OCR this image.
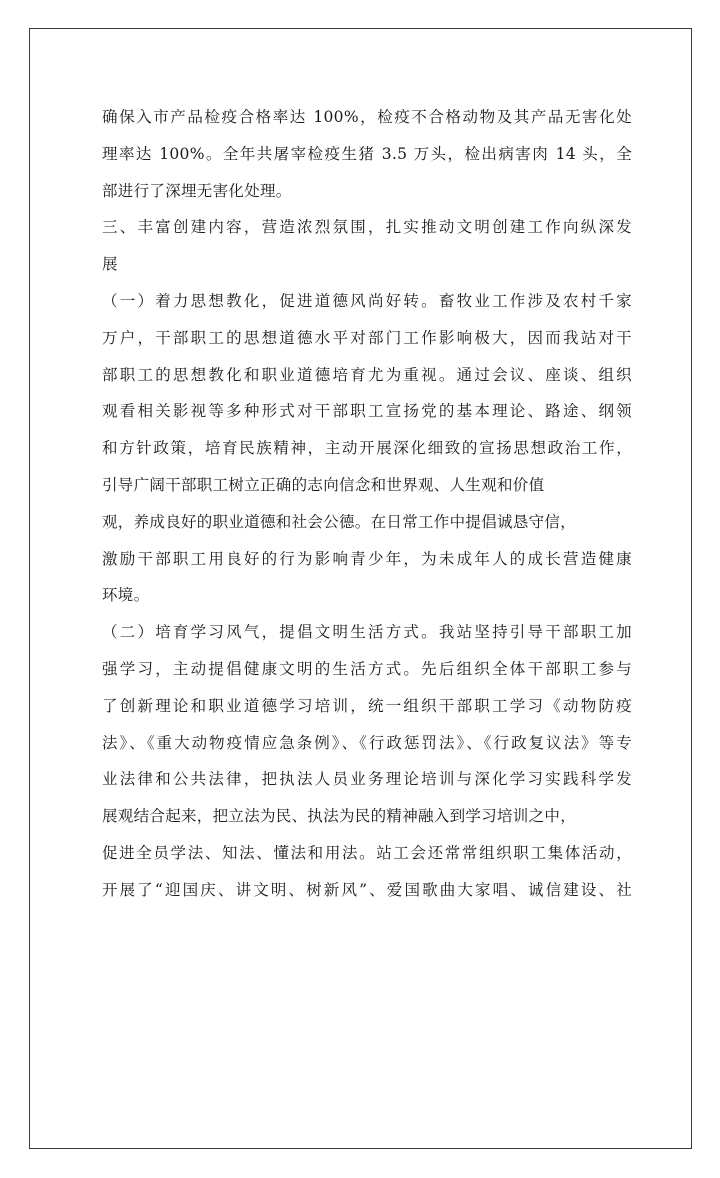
确保入市产品检疫合格率达 100%，检疫不合格动物及其产品无害化处
理率达 100%。全年共屠宰检疫生猪 3.5 万头，检出病害肉 14 头，全
部进行了深埋无害化处理。
三、丰富创建内容，营造浓烈氛围，扎实推动文明创建工作向纵深发
展
（一）着力思想教化，促进道德风尚好转。畜牧业工作涉及农村千家
万户，干部职工的思想道德水平对部门工作影响极大，因而我站对干
部职工的思想教化和职业道德培育尤为重视。通过会议、座谈、组织
观看相关影视等多种形式对干部职工宣扬党的基本理论、路途、纲领
和方针政策，培育民族精神，主动开展深化细致的宣扬思想政治工作，
引导广阔干部职工树立正确的志向信念和世界观、人生观和价值
观，养成良好的职业道德和社会公德。在日常工作中提倡诚恳守信，
激励干部职工用良好的行为影响青少年，为未成年人的成长营造健康
环境。
（二）培育学习风气，提倡文明生活方式。我站坚持引导干部职工加
强学习，主动提倡健康文明的生活方式。先后组织全体干部职工参与
了创新理论和职业道德学习培训，统一组织干部职工学习《动物防疫
法》、《重大动物疫情应急条例》、《行政惩罚法》、《行政复议法》等专
业法律和公共法律，把执法人员业务理论培训与深化学习实践科学发
展观结合起来，把立法为民、执法为民的精神融入到学习培训之中，
促进全员学法、知法、懂法和用法。站工会还常常组织职工集体活动，
开展了“迎国庆、讲文明、树新风”、爱国歌曲大家唱、诚信建设、社
